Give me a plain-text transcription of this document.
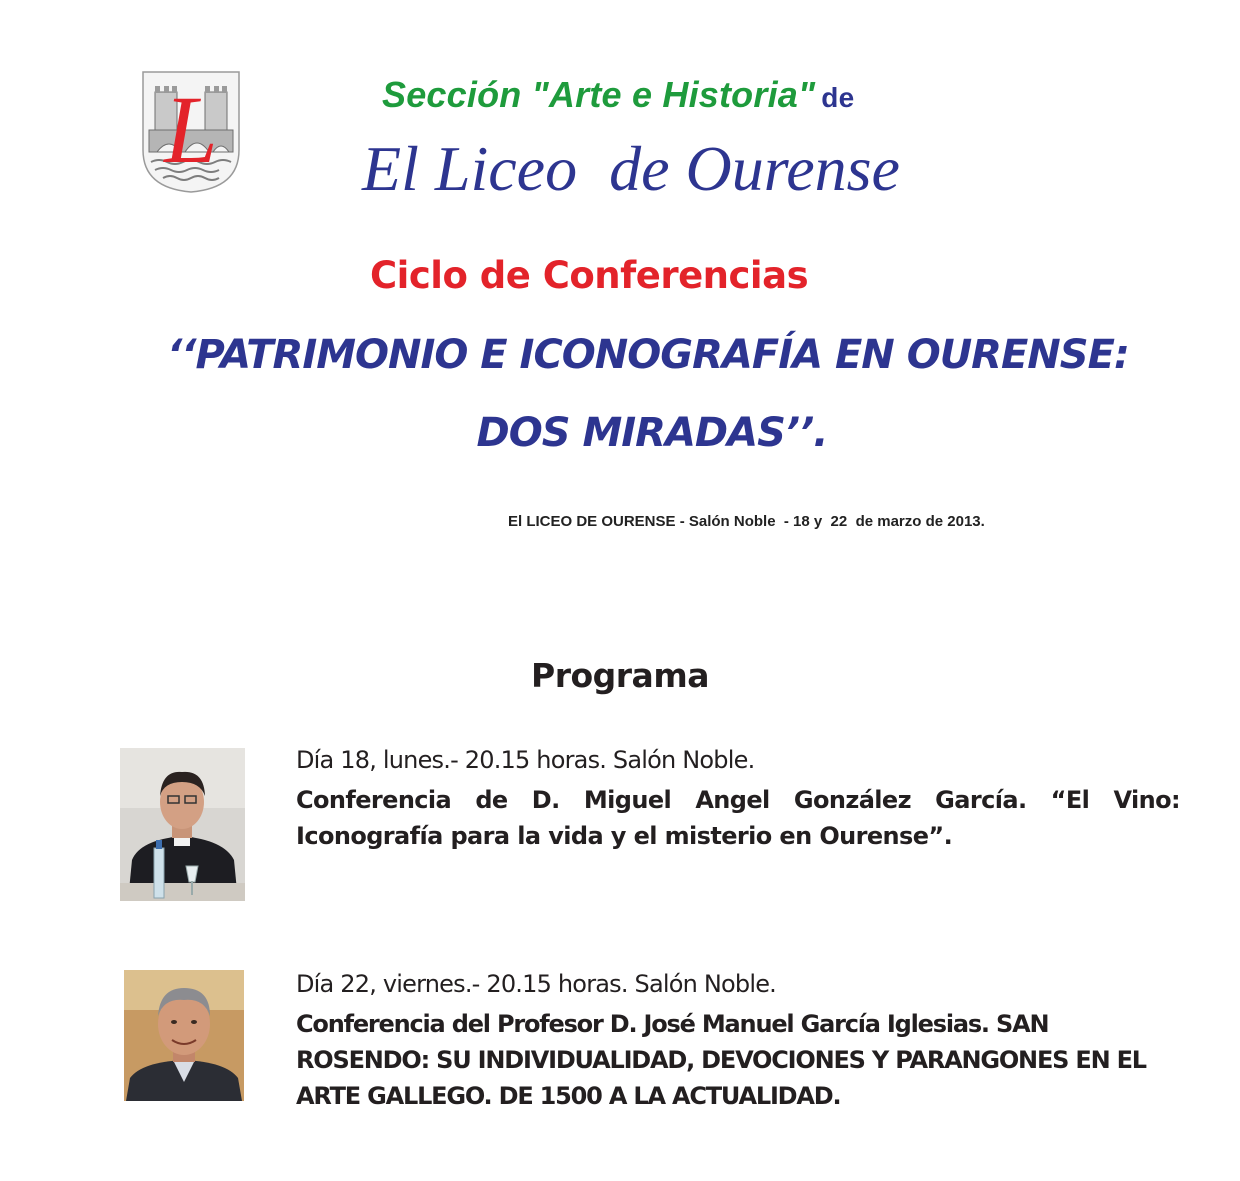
L	Sección "Arte e Historia" de
El Liceo  de Ourense
Ciclo de Conferencias
‘‘PATRIMONIO E ICONOGRAFÍA EN OURENSE:
DOS MIRADAS’’.
El LICEO DE OURENSE - Salón Noble  - 18 y  22  de marzo de 2013.
Programa
Día 18, lunes.- 20.15 horas. Salón Noble.
Conferencia de D. Miguel Angel González García. “El Vino: Iconografía para la vida y el misterio en Ourense”.
Día 22, viernes.- 20.15 horas. Salón Noble.
Conferencia del Profesor D. José Manuel García Iglesias. SAN ROSENDO: SU INDIVIDUALIDAD, DEVOCIONES Y PARANGONES EN EL ARTE GALLEGO. DE 1500 A LA ACTUALIDAD.
